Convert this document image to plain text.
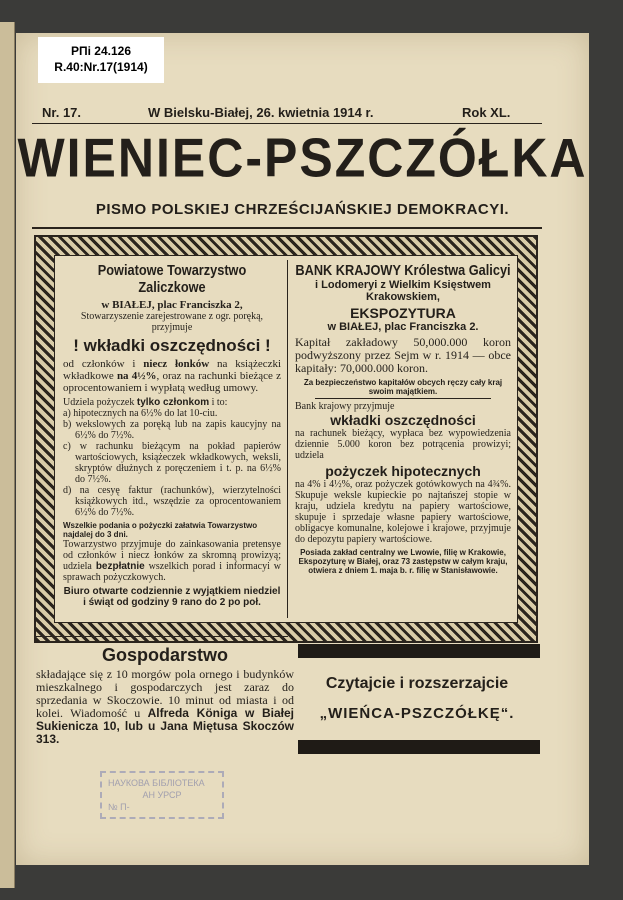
РПі 24.126
R.40:Nr.17(1914)
Nr. 17.	W Bielsku-Białej, 26. kwietnia 1914 r.	Rok XL.
WIENIEC-PSZCZÓŁKA
PISMO POLSKIEJ CHRZEŚCIJAŃSKIEJ DEMOKRACYI.

Powiatowe Towarzystwo Zaliczkowe

w BIAŁEJ, plac Franciszka 2,

Stowarzyszenie zarejestrowane z ogr. poręką,

przyjmuje

! wkładki oszczędności !

od członków i niecz łonków na książeczki wkładkowe na 4½%, oraz na rachunki bieżące z oprocentowaniem i wypłatą według umowy.

Udziela pożyczek tylko członkom i to:

a) hipotecznych na 6½% do lat 10-ciu.

b) wekslowych za poręką lub na zapis kaucyjny na 6½% do 7½%.

c) w rachunku bieżącym na pokład papierów wartościowych, książeczek wkładkowych, weksli, skryptów dłużnych z poręczeniem i t. p. na 6½% do 7½%.

d) na cesyę faktur (rachunków), wierzytelności książkowych itd., wszędzie za oprocentowaniem 6½% do 7½%.

Wszelkie podania o pożyczki załatwia Towarzystwo najdalej do 3 dni.

Towarzystwo przyjmuje do zainkasowania pretensye od członków i niecz łonków za skromną prowizyą; udziela bezpłatnie wszelkich porad i informacyi w sprawach pożyczkowych.

Biuro otwarte codziennie z wyjątkiem niedziel i świąt od godziny 9 rano do 2 po poł.

BANK KRAJOWY Królestwa Galicyi

i Lodomeryi z Wielkim Księstwem Krakowskiem,

EKSPOZYTURA

w BIAŁEJ, plac Franciszka 2.

Kapitał zakładowy 50,000.000 koron podwyższony przez Sejm w r. 1914 — obce kapitały: 70,000.000 koron.

Za bezpieczeństwo kapitałów obcych ręczy cały kraj swoim majątkiem.

Bank krajowy przyjmuje

wkładki oszczędności

na rachunek bieżący, wypłaca bez wypowiedzenia dziennie 5.000 koron bez potrącenia prowizyi; udziela

pożyczek hipotecznych

na 4% i 4½%, oraz pożyczek gotówkowych na 4¾%. Skupuje weksle kupieckie po najtańszej stopie w kraju, udziela kredytu na papiery wartościowe, skupuje i sprzedaje własne papiery wartościowe, obligacye komunalne, kolejowe i krajowe, przyjmuje do depozytu papiery wartościowe.

Posiada zakład centralny we Lwowie, filię w Krakowie, Ekspozyturę w Białej, oraz 73 zastępstw w całym kraju, otwiera z dniem 1. maja b. r. filię w Stanisławowie.

Gospodarstwo

składające się z 10 morgów pola ornego i budynków mieszkalnego i gospodarczych jest zaraz do sprzedania w Skoczowie. 10 minut od miasta i od kolei. Wiadomość u Alfreda Königa w Białej Sukienicza 10, lub u Jana Miętusa Skoczów 313.

Czytajcie i rozszerzajcie

„WIEŃCA-PSZCZÓŁKĘ“.

НАУКОВА БІБЛІОТЕКА
АН УРСР
№ П-
